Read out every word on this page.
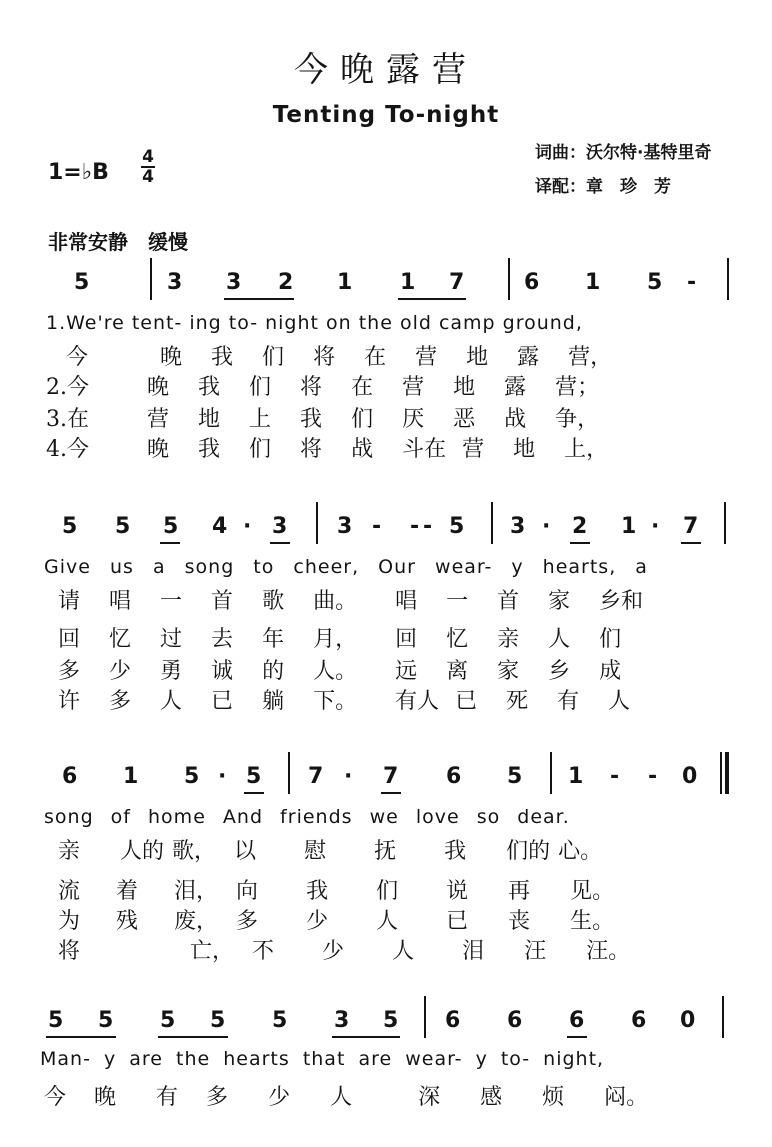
今晚露营
Tenting To-night
词曲：沃尔特·基特里奇
译配：章　珍　芳
1=♭B
4
4
非常安静　缓慢
5	3 3 2 1 1 7	6 1 5 -
1.We're tent- ing to- night on the old camp ground,
今	晚 我 们 将 在 营 地 露 营，
2.今	晚 我 们 将 在 营 地 露 营；
3.在	营 地 上 我 们 厌 恶 战 争，
4.今	晚 我 们 将 战 斗在 营 地 上，
5 5 5 4 · 3 3 - - - 5 3 · 2 1 · 7
Give us a song to cheer, Our wear- y hearts, a
请 唱 一 首 歌 曲。 唱 一 首 家 乡和
回 忆 过 去 年 月， 回 忆 亲 人 们
多 少 勇 诚 的 人。 远 离 家 乡 成
许 多 人 已 躺 下。 有人 已 死 有 人
6 1 5 · 5 7 · 7 6 5 1 - - 0
song of home And friends we love so dear.
亲 人的 歌， 以 慰 抚 我 们的 心。
流 着 泪， 向 我 们 说 再 见。
为 残 废， 多 少 人 已 丧 生。
将	亡， 不 少 人 泪 汪 汪。
5 5 5 5 5 3 5 6 6 6 6 0
Man- y are the hearts that are wear- y to- night,
今 晚 有 多 少 人	深 感 烦 闷。
